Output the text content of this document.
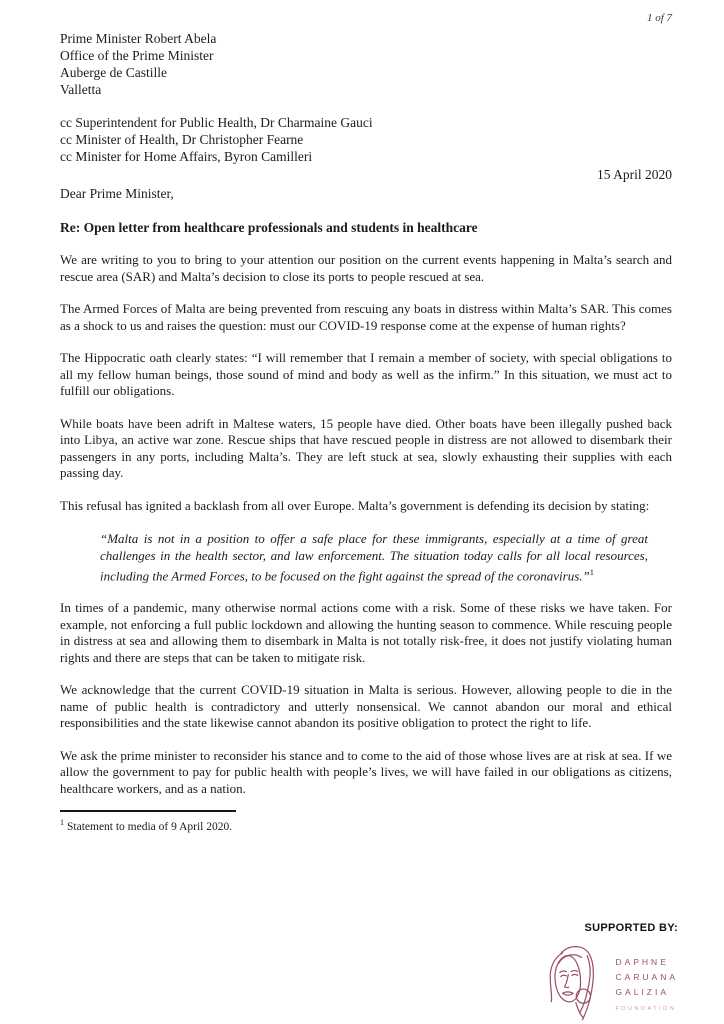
1 of 7
Prime Minister Robert Abela
Office of the Prime Minister
Auberge de Castille
Valletta
cc Superintendent for Public Health, Dr Charmaine Gauci
cc Minister of Health, Dr Christopher Fearne
cc Minister for Home Affairs, Byron Camilleri
15 April 2020
Dear Prime Minister,
Re: Open letter from healthcare professionals and students in healthcare

We are writing to you to bring to your attention our position on the current events happening in Malta’s search and rescue area (SAR) and Malta’s decision to close its ports to people rescued at sea.

The Armed Forces of Malta are being prevented from rescuing any boats in distress within Malta’s SAR. This comes as a shock to us and raises the question: must our COVID-19 response come at the expense of human rights?

The Hippocratic oath clearly states: “I will remember that I remain a member of society, with special obligations to all my fellow human beings, those sound of mind and body as well as the infirm.” In this situation, we must act to fulfill our obligations.

While boats have been adrift in Maltese waters, 15 people have died. Other boats have been illegally pushed back into Libya, an active war zone. Rescue ships that have rescued people in distress are not allowed to disembark their passengers in any ports, including Malta’s. They are left stuck at sea, slowly exhausting their supplies with each passing day.

This refusal has ignited a backlash from all over Europe. Malta’s government is defending its decision by stating:

“Malta is not in a position to offer a safe place for these immigrants, especially at a time of great challenges in the health sector, and law enforcement. The situation today calls for all local resources, including the Armed Forces, to be focused on the fight against the spread of the coronavirus.”$^1$

In times of a pandemic, many otherwise normal actions come with a risk. Some of these risks we have taken. For example, not enforcing a full public lockdown and allowing the hunting season to commence. While rescuing people in distress at sea and allowing them to disembark in Malta is not totally risk-free, it does not justify violating human rights and there are steps that can be taken to mitigate risk.

We acknowledge that the current COVID-19 situation in Malta is serious. However, allowing people to die in the name of public health is contradictory and utterly nonsensical. We cannot abandon our moral and ethical responsibilities and the state likewise cannot abandon its positive obligation to protect the right to life.

We ask the prime minister to reconsider his stance and to come to the aid of those whose lives are at risk at sea. If we allow the government to pay for public health with people’s lives, we will have failed in our obligations as citizens, healthcare workers, and as a nation.

$^1$ Statement to media of 9 April 2020.
SUPPORTED BY:
DAPHNE
CARUANA
GALIZIA
FOUNDATION
